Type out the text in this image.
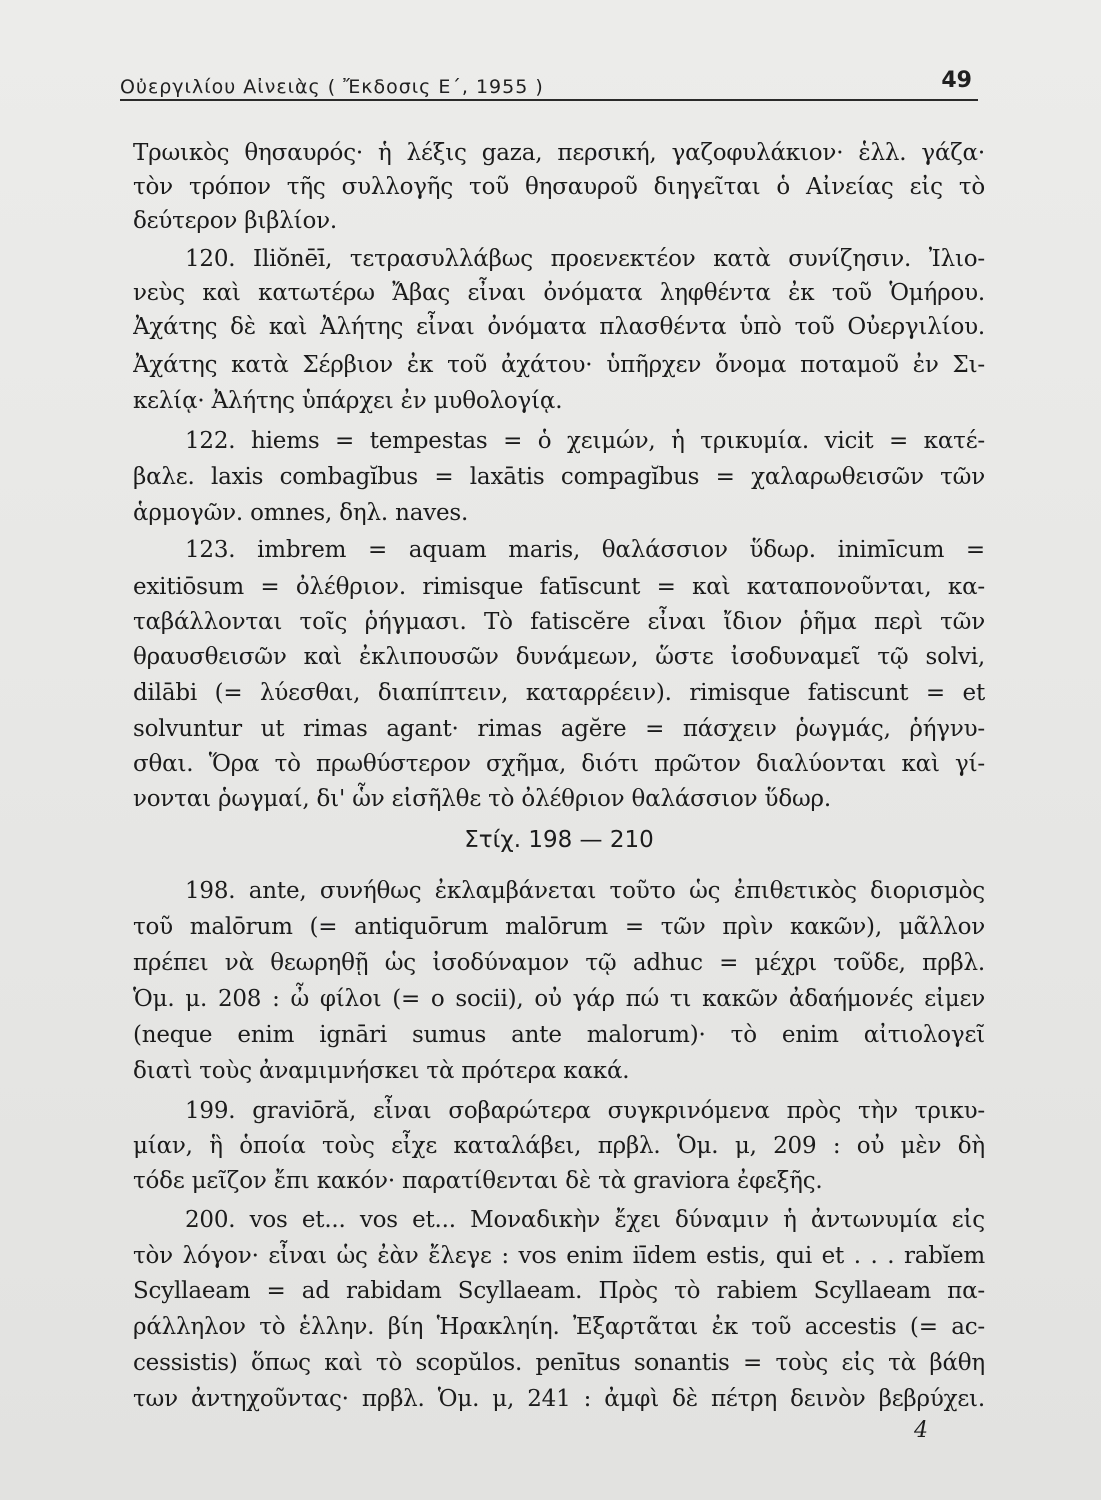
Οὐεργιλίου Αἰνειὰς ( Ἔκδοσις Ε΄, 1955 )	49
Τρωικὸς θησαυρός· ἡ λέξις gaza, περσική, γαζοφυλάκιον· ἑλλ. γάζα·
τὸν τρόπον τῆς συλλογῆς τοῦ θησαυροῦ διηγεῖται ὁ Αἰνείας εἰς τὸ
δεύτερον βιβλίον.
120. Iliŏnēī, τετρασυλλάβως προενεκτέον κατὰ συνίζησιν. Ἰλιο-
νεὺς καὶ κατωτέρω Ἄβας εἶναι ὀνόματα ληφθέντα ἐκ τοῦ Ὁμήρου.
Ἀχάτης δὲ καὶ Ἀλήτης εἶναι ὀνόματα πλασθέντα ὑπὸ τοῦ Οὐεργιλίου.
Ἀχάτης κατὰ Σέρβιον ἐκ τοῦ ἀχάτου· ὑπῆρχεν ὄνομα ποταμοῦ ἐν Σι-
κελίᾳ· Ἀλήτης ὑπάρχει ἐν μυθολογίᾳ.
122. hiems = tempestas = ὁ χειμών, ἡ τρικυμία. vicit = κατέ-
βαλε. laxis combagĭbus = laxātis compagĭbus = χαλαρωθεισῶν τῶν
ἁρμογῶν. omnes, δηλ. naves.
123. imbrem = aquam maris, θαλάσσιον ὕδωρ. inimīcum =
exitiōsum = ὀλέθριον. rimisque fatīscunt = καὶ καταπονοῦνται, κα-
ταβάλλονται τοῖς ῥήγμασι. Τὸ fatiscĕre εἶναι ἴδιον ῥῆμα περὶ τῶν
θραυσθεισῶν καὶ ἐκλιπουσῶν δυνάμεων, ὥστε ἰσοδυναμεῖ τῷ solvi,
dilābi (= λύεσθαι, διαπίπτειν, καταρρέειν). rimisque fatiscunt = et
solvuntur ut rimas agant· rimas agĕre = πάσχειν ῥωγμάς, ῥήγνυ-
σθαι. Ὅρα τὸ πρωθύστερον σχῆμα, διότι πρῶτον διαλύονται καὶ γί-
νονται ῥωγμαί, δι' ὧν εἰσῆλθε τὸ ὀλέθριον θαλάσσιον ὕδωρ.
198. ante, συνήθως ἐκλαμβάνεται τοῦτο ὡς ἐπιθετικὸς διορισμὸς
τοῦ malōrum (= antiquōrum malōrum = τῶν πρὶν κακῶν), μᾶλλον
πρέπει νὰ θεωρηθῇ ὡς ἰσοδύναμον τῷ adhuc = μέχρι τοῦδε, πρβλ.
Ὁμ. μ. 208 : ὦ φίλοι (= o socii), οὐ γάρ πώ τι κακῶν ἀδαήμονές εἰμεν
(neque enim ignāri sumus ante malorum)· τὸ enim αἰτιολογεῖ
διατὶ τοὺς ἀναμιμνήσκει τὰ πρότερα κακά.
199. graviōră, εἶναι σοβαρώτερα συγκρινόμενα πρὸς τὴν τρικυ-
μίαν, ἣ ὁποία τοὺς εἶχε καταλάβει, πρβλ. Ὁμ. μ, 209 : οὐ μὲν δὴ
τόδε μεῖζον ἔπι κακόν· παρατίθενται δὲ τὰ graviora ἐφεξῆς.
200. vos et... vos et... Μοναδικὴν ἔχει δύναμιν ἡ ἀντωνυμία εἰς
τὸν λόγον· εἶναι ὡς ἐὰν ἔλεγε : vos enim iīdem estis, qui et . . . rabĭem
Scyllaeam = ad rabidam Scyllaeam. Πρὸς τὸ rabiem Scyllaeam πα-
ράλληλον τὸ ἑλλην. βίη Ἡρακληίη. Ἐξαρτᾶται ἐκ τοῦ accestis (= ac-
cessistis) ὅπως καὶ τὸ scopŭlos. penītus sonantis = τοὺς εἰς τὰ βάθη
των ἀντηχοῦντας· πρβλ. Ὁμ. μ, 241 : ἀμφὶ δὲ πέτρη δεινὸν βεβρύχει.
Στίχ. 198 — 210
4
